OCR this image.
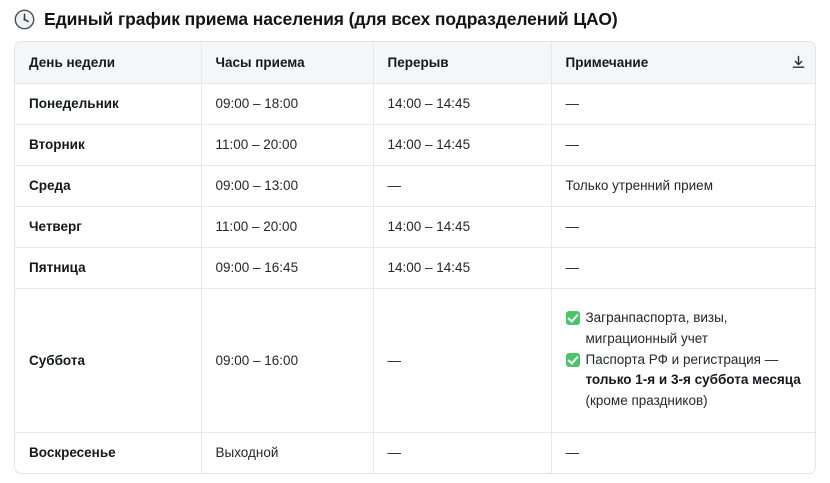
Единый график приема населения (для всех подразделений ЦАО)
День недели	Часы приема	Перерыв	Примечание

Понедельник	09:00 – 18:00	14:00 – 14:45	—
Вторник	11:00 – 20:00	14:00 – 14:45	—
Среда	09:00 – 13:00	—	Только утренний прием
Четверг	11:00 – 20:00	14:00 – 14:45	—
Пятница	09:00 – 16:45	14:00 – 14:45	—
Суббота	09:00 – 16:00	—	Загранпаспорта, визы, миграционный учет
Паспорта РФ и регистрация —
только 1-я и 3-я суббота месяца
(кроме праздников)

Воскресенье	Выходной	—	—
